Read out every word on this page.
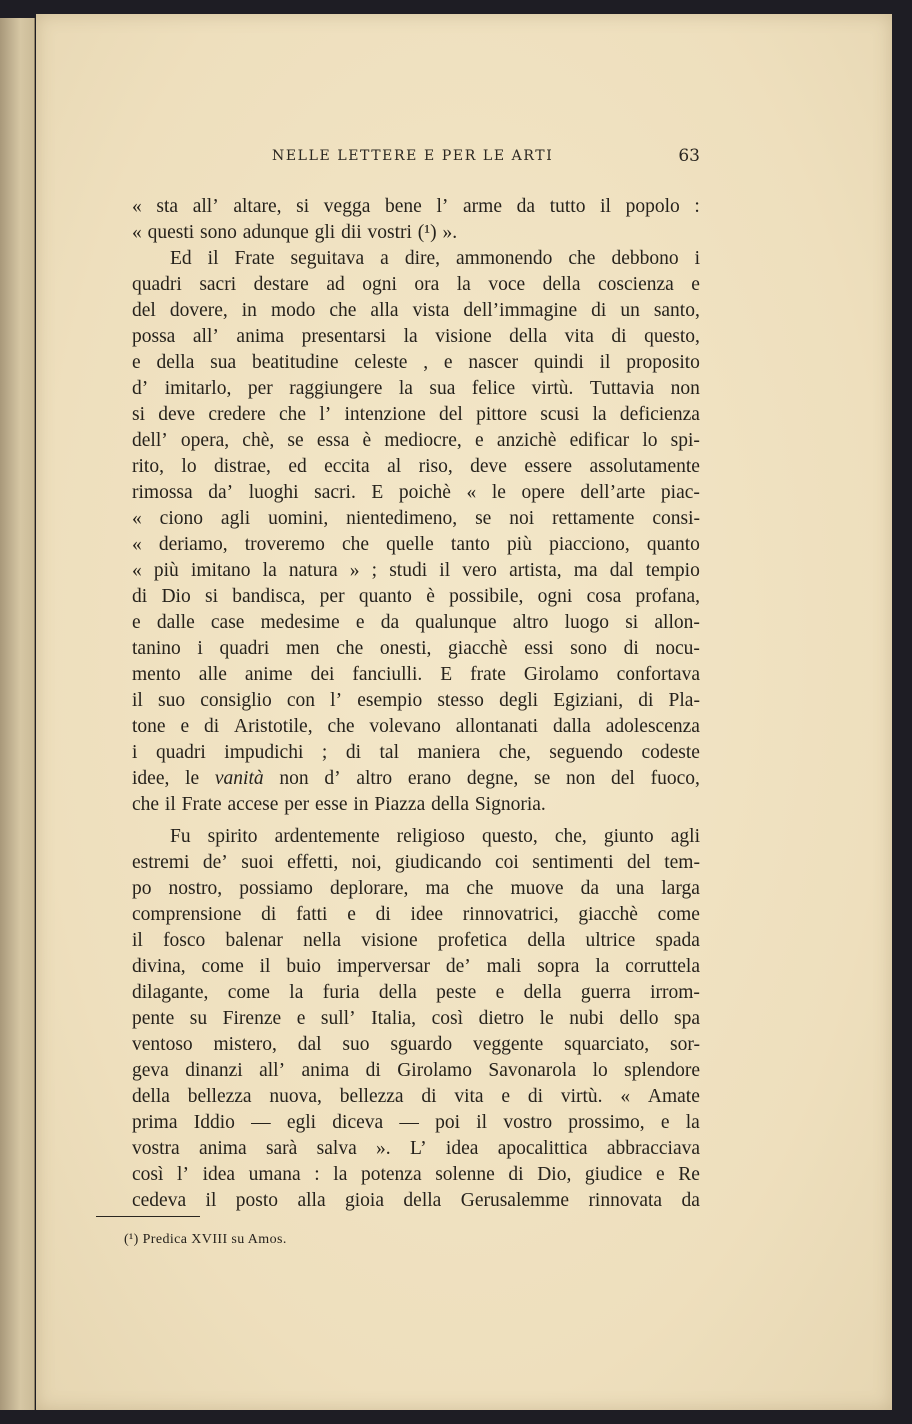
NELLE LETTERE E PER LE ARTI	63
« sta all’ altare, si vegga bene l’ arme da tutto il popolo :
« questi sono adunque gli dii vostri (¹) ».
Ed il Frate seguitava a dire, ammonendo che debbono i
quadri sacri destare ad ogni ora la voce della coscienza e
del dovere, in modo che alla vista dell’immagine di un santo,
possa all’ anima presentarsi la visione della vita di questo,
e della sua beatitudine celeste , e nascer quindi il proposito
d’ imitarlo, per raggiungere la sua felice virtù. Tuttavia non
si deve credere che l’ intenzione del pittore scusi la deficienza
dell’ opera, chè, se essa è mediocre, e anzichè edificar lo spi-
rito, lo distrae, ed eccita al riso, deve essere assolutamente
rimossa da’ luoghi sacri. E poichè « le opere dell’arte piac-
« ciono agli uomini, nientedimeno, se noi rettamente consi-
« deriamo, troveremo che quelle tanto più piacciono, quanto
« più imitano la natura » ; studi il vero artista, ma dal tempio
di Dio si bandisca, per quanto è possibile, ogni cosa profana,
e dalle case medesime e da qualunque altro luogo si allon-
tanino i quadri men che onesti, giacchè essi sono di nocu-
mento alle anime dei fanciulli. E frate Girolamo confortava
il suo consiglio con l’ esempio stesso degli Egiziani, di Pla-
tone e di Aristotile, che volevano allontanati dalla adolescenza
i quadri impudichi ; di tal maniera che, seguendo codeste
idee, le vanità non d’ altro erano degne, se non del fuoco,
che il Frate accese per esse in Piazza della Signoria.
Fu spirito ardentemente religioso questo, che, giunto agli
estremi de’ suoi effetti, noi, giudicando coi sentimenti del tem-
po nostro, possiamo deplorare, ma che muove da una larga
comprensione di fatti e di idee rinnovatrici, giacchè come
il fosco balenar nella visione profetica della ultrice spada
divina, come il buio imperversar de’ mali sopra la corruttela
dilagante, come la furia della peste e della guerra irrom-
pente su Firenze e sull’ Italia, così dietro le nubi dello spa
ventoso mistero, dal suo sguardo veggente squarciato, sor-
geva dinanzi all’ anima di Girolamo Savonarola lo splendore
della bellezza nuova, bellezza di vita e di virtù. « Amate
prima Iddio — egli diceva — poi il vostro prossimo, e la
vostra anima sarà salva ». L’ idea apocalittica abbracciava
così l’ idea umana : la potenza solenne di Dio, giudice e Re
cedeva il posto alla gioia della Gerusalemme rinnovata da
(¹) Predica XVIII su Amos.
